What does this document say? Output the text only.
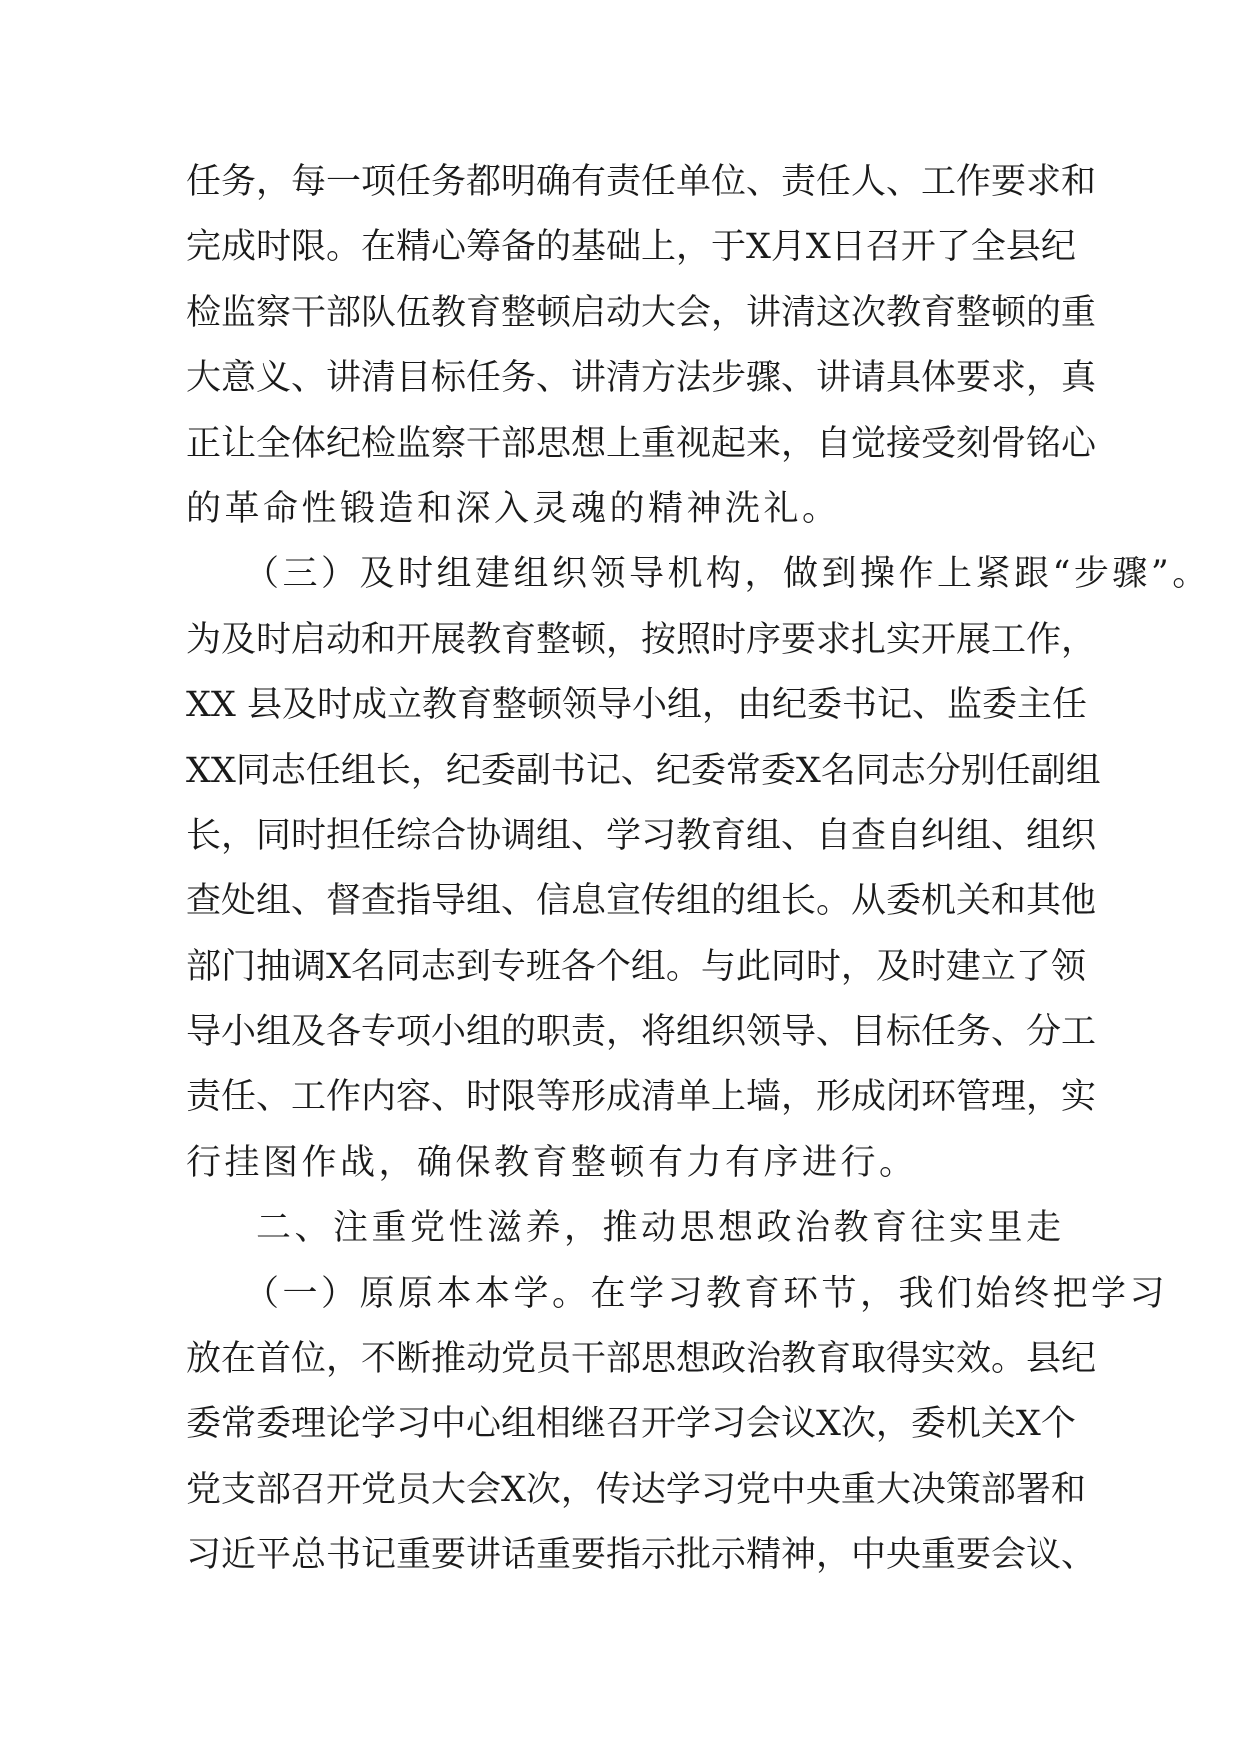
任务，每一项任务都明确有责任单位、责任人、工作要求和
完成时限。在精心筹备的基础上，于X月X日召开了全县纪
检监察干部队伍教育整顿启动大会，讲清这次教育整顿的重
大意义、讲清目标任务、讲清方法步骤、讲请具体要求，真
正让全体纪检监察干部思想上重视起来，自觉接受刻骨铭心
的革命性锻造和深入灵魂的精神洗礼。
（三）及时组建组织领导机构，做到操作上紧跟“步骤”。
为及时启动和开展教育整顿，按照时序要求扎实开展工作，
XX 县及时成立教育整顿领导小组，由纪委书记、监委主任
XX同志任组长，纪委副书记、纪委常委X名同志分别任副组
长，同时担任综合协调组、学习教育组、自查自纠组、组织
查处组、督查指导组、信息宣传组的组长。从委机关和其他
部门抽调X名同志到专班各个组。与此同时，及时建立了领
导小组及各专项小组的职责，将组织领导、目标任务、分工
责任、工作内容、时限等形成清单上墙，形成闭环管理，实
行挂图作战，确保教育整顿有力有序进行。
二、注重党性滋养，推动思想政治教育往实里走
（一）原原本本学。在学习教育环节，我们始终把学习
放在首位，不断推动党员干部思想政治教育取得实效。县纪
委常委理论学习中心组相继召开学习会议X次，委机关X个
党支部召开党员大会X次，传达学习党中央重大决策部署和
习近平总书记重要讲话重要指示批示精神，中央重要会议、
